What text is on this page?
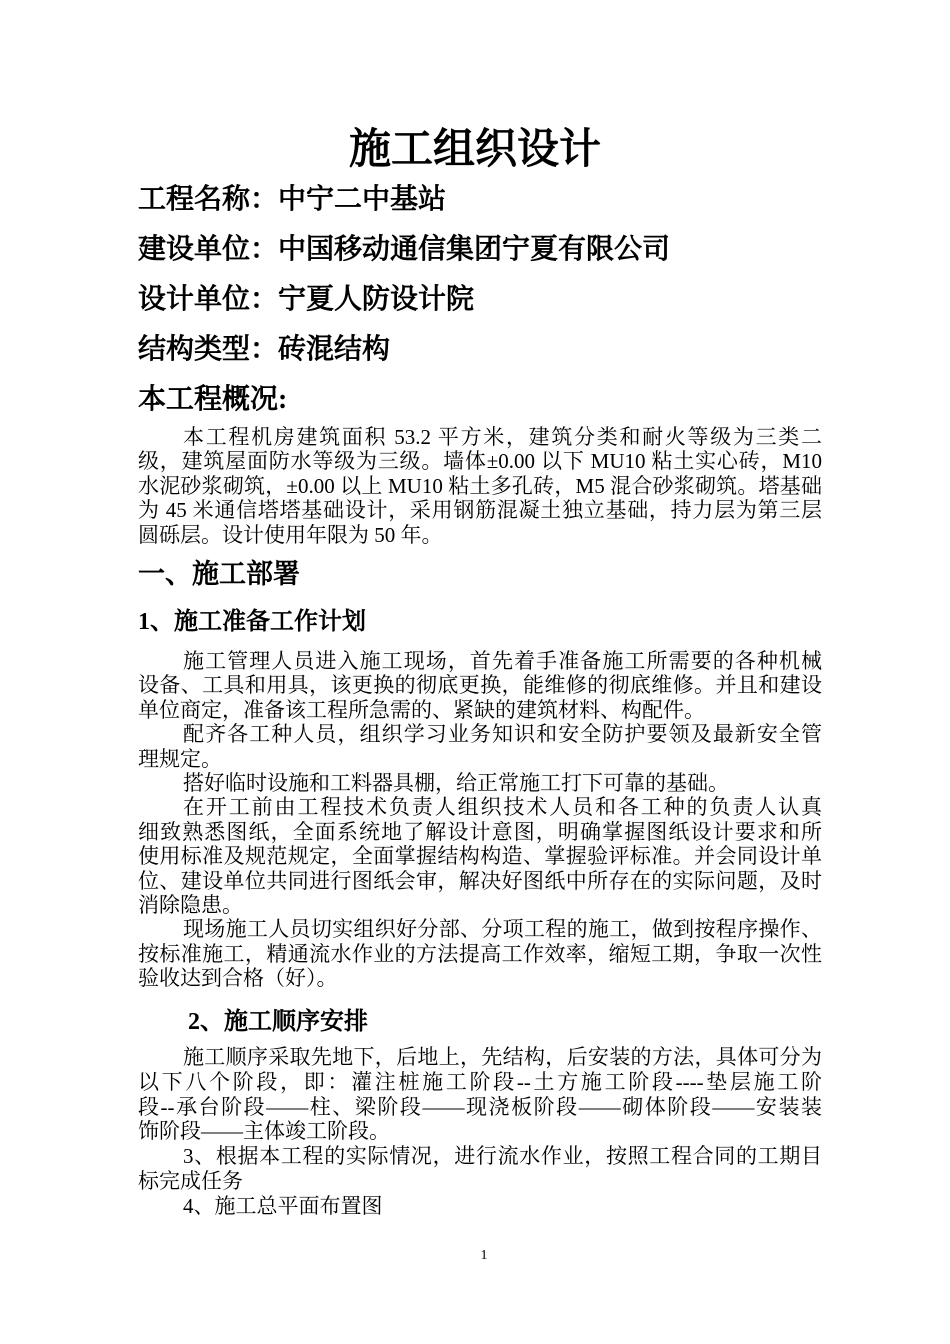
施工组织设计
工程名称：中宁二中基站
建设单位：中国移动通信集团宁夏有限公司
设计单位：宁夏人防设计院
结构类型：砖混结构
本工程概况:
本工程机房建筑面积 53.2 平方米，建筑分类和耐火等级为三类二
级，建筑屋面防水等级为三级。墙体±0.00 以下 MU10 粘土实心砖，M10
水泥砂浆砌筑，±0.00 以上 MU10 粘土多孔砖，M5 混合砂浆砌筑。塔基础
为 45 米通信塔塔基础设计，采用钢筋混凝土独立基础，持力层为第三层
圆砾层。设计使用年限为 50 年。
一、施工部署
1、施工准备工作计划
施工管理人员进入施工现场，首先着手准备施工所需要的各种机械
设备、工具和用具，该更换的彻底更换，能维修的彻底维修。并且和建设
单位商定，准备该工程所急需的、紧缺的建筑材料、构配件。
配齐各工种人员，组织学习业务知识和安全防护要领及最新安全管
理规定。
搭好临时设施和工料器具棚，给正常施工打下可靠的基础。
在开工前由工程技术负责人组织技术人员和各工种的负责人认真
细致熟悉图纸，全面系统地了解设计意图，明确掌握图纸设计要求和所
使用标准及规范规定，全面掌握结构构造、掌握验评标准。并会同设计单
位、建设单位共同进行图纸会审，解决好图纸中所存在的实际问题，及时
消除隐患。
现场施工人员切实组织好分部、分项工程的施工，做到按程序操作、
按标准施工，精通流水作业的方法提高工作效率，缩短工期，争取一次性
验收达到合格（好）。
2、施工顺序安排
施工顺序采取先地下，后地上，先结构，后安装的方法，具体可分为
以下八个阶段，即：灌注桩施工阶段--土方施工阶段----垫层施工阶
段--承台阶段——柱、梁阶段——现浇板阶段——砌体阶段——安装装
饰阶段——主体竣工阶段。
3、根据本工程的实际情况，进行流水作业，按照工程合同的工期目
标完成任务
4、施工总平面布置图
1
